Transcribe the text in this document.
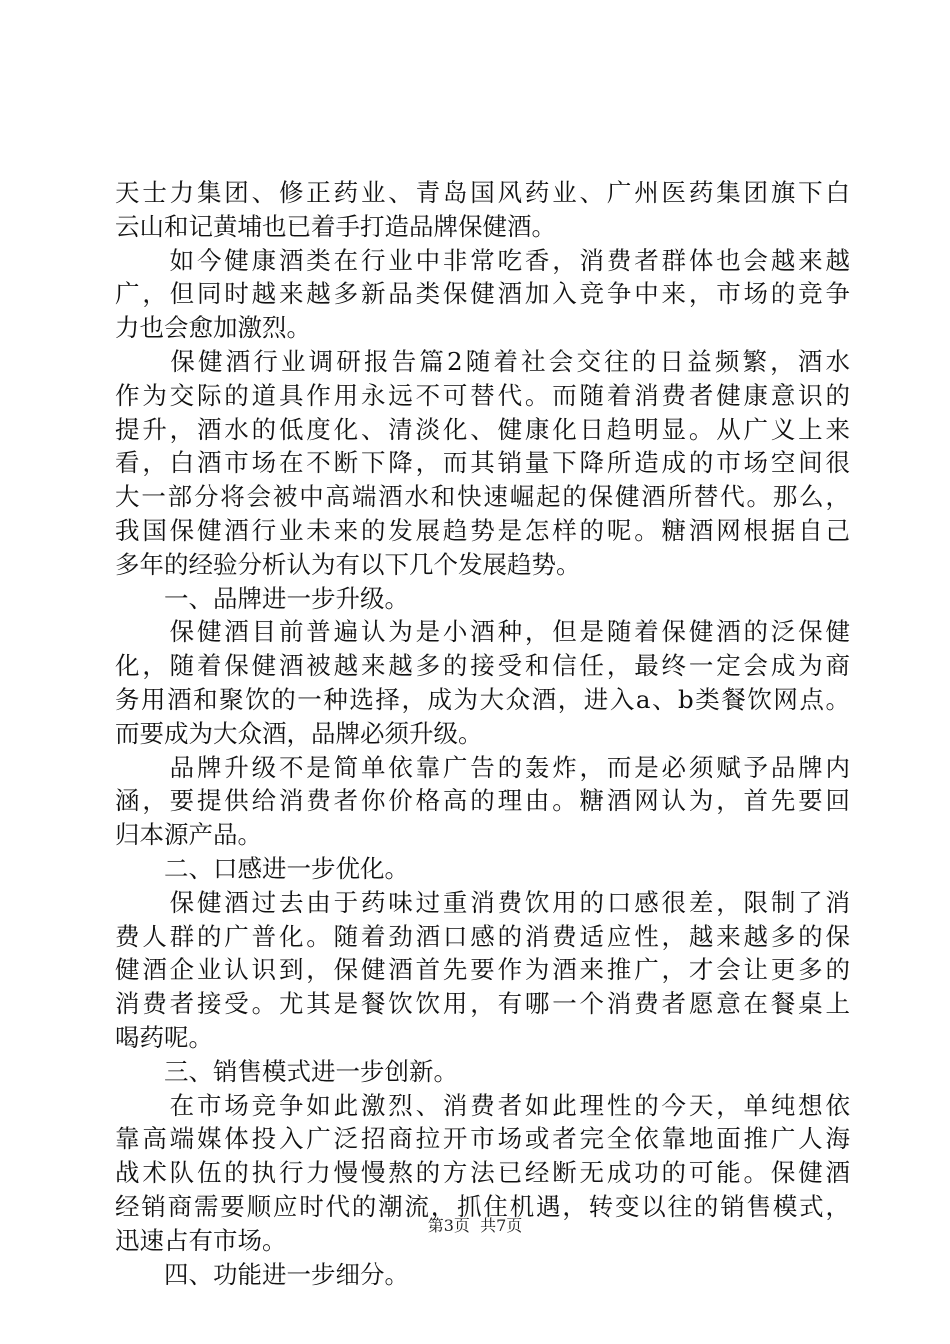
天士力集团、修正药业、青岛国风药业、广州医药集团旗下白
云山和记黄埔也已着手打造品牌保健酒。
　　如今健康酒类在行业中非常吃香，消费者群体也会越来越
广，但同时越来越多新品类保健酒加入竞争中来，市场的竞争
力也会愈加激烈。
　　保健酒行业调研报告篇2随着社会交往的日益频繁，酒水
作为交际的道具作用永远不可替代。而随着消费者健康意识的
提升，酒水的低度化、清淡化、健康化日趋明显。从广义上来
看，白酒市场在不断下降，而其销量下降所造成的市场空间很
大一部分将会被中高端酒水和快速崛起的保健酒所替代。那么，
我国保健酒行业未来的发展趋势是怎样的呢。糖酒网根据自己
多年的经验分析认为有以下几个发展趋势。
　　一、品牌进一步升级。
　　保健酒目前普遍认为是小酒种，但是随着保健酒的泛保健
化，随着保健酒被越来越多的接受和信任，最终一定会成为商
务用酒和聚饮的一种选择，成为大众酒，进入a、b类餐饮网点。
而要成为大众酒，品牌必须升级。
　　品牌升级不是简单依靠广告的轰炸，而是必须赋予品牌内
涵，要提供给消费者你价格高的理由。糖酒网认为，首先要回
归本源产品。
　　二、口感进一步优化。
　　保健酒过去由于药味过重消费饮用的口感很差，限制了消
费人群的广普化。随着劲酒口感的消费适应性，越来越多的保
健酒企业认识到，保健酒首先要作为酒来推广，才会让更多的
消费者接受。尤其是餐饮饮用，有哪一个消费者愿意在餐桌上
喝药呢。
　　三、销售模式进一步创新。
　　在市场竞争如此激烈、消费者如此理性的今天，单纯想依
靠高端媒体投入广泛招商拉开市场或者完全依靠地面推广人海
战术队伍的执行力慢慢熬的方法已经断无成功的可能。保健酒
经销商需要顺应时代的潮流，抓住机遇，转变以往的销售模式，
迅速占有市场。
　　四、功能进一步细分。
第3页  共7页
